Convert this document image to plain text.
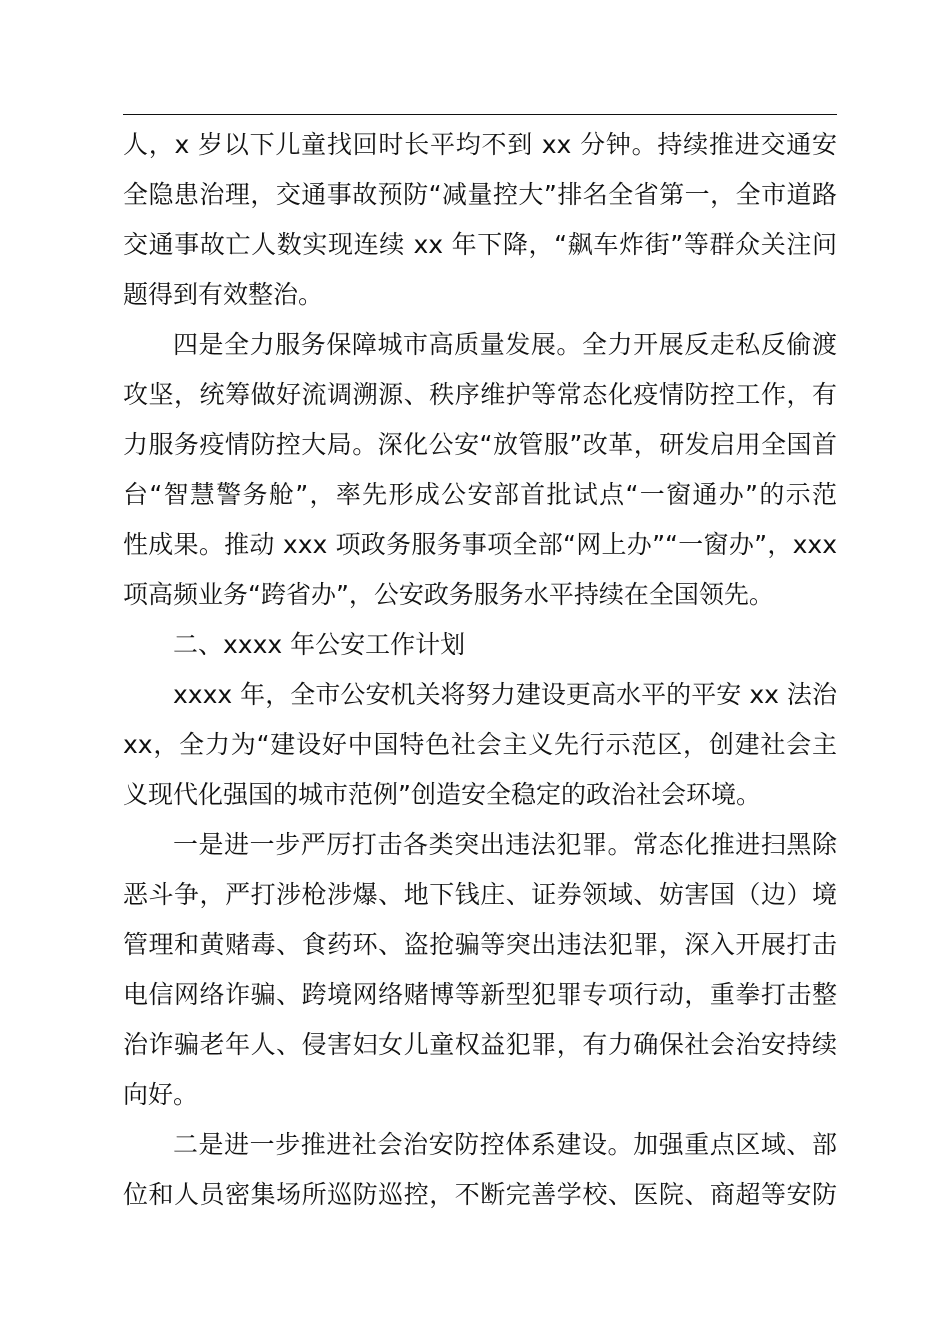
人，x 岁以下儿童找回时长平均不到 xx 分钟。持续推进交通安
全隐患治理，交通事故预防“减量控大”排名全省第一，全市道路
交通事故亡人数实现连续 xx 年下降，“飙车炸街”等群众关注问
题得到有效整治。
四是全力服务保障城市高质量发展。全力开展反走私反偷渡
攻坚，统筹做好流调溯源、秩序维护等常态化疫情防控工作，有
力服务疫情防控大局。深化公安“放管服”改革，研发启用全国首
台“智慧警务舱”，率先形成公安部首批试点“一窗通办”的示范
性成果。推动 xxx 项政务服务事项全部“网上办”“一窗办”，xxx
项高频业务“跨省办”，公安政务服务水平持续在全国领先。
二、xxxx 年公安工作计划
xxxx 年，全市公安机关将努力建设更高水平的平安 xx 法治
xx，全力为“建设好中国特色社会主义先行示范区，创建社会主
义现代化强国的城市范例”创造安全稳定的政治社会环境。
一是进一步严厉打击各类突出违法犯罪。常态化推进扫黑除
恶斗争，严打涉枪涉爆、地下钱庄、证券领域、妨害国（边）境
管理和黄赌毒、食药环、盗抢骗等突出违法犯罪，深入开展打击
电信网络诈骗、跨境网络赌博等新型犯罪专项行动，重拳打击整
治诈骗老年人、侵害妇女儿童权益犯罪，有力确保社会治安持续
向好。
二是进一步推进社会治安防控体系建设。加强重点区域、部
位和人员密集场所巡防巡控，不断完善学校、医院、商超等安防
